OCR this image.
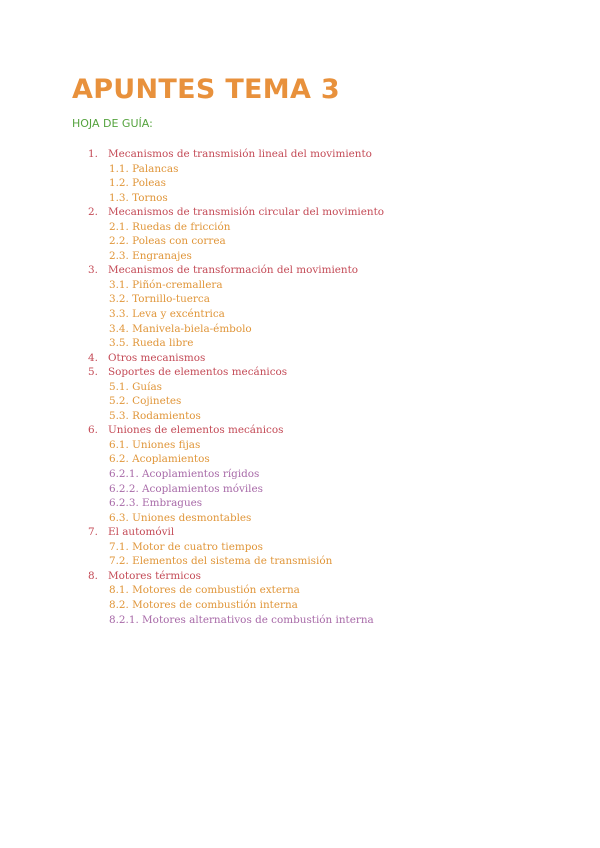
APUNTES TEMA 3

HOJA DE GUÍA:

1. Mecanismos de transmisión lineal del movimiento
1.1. Palancas
1.2. Poleas
1.3. Tornos
2. Mecanismos de transmisión circular del movimiento
2.1. Ruedas de fricción
2.2. Poleas con correa
2.3. Engranajes
3. Mecanismos de transformación del movimiento
3.1. Piñón-cremallera
3.2. Tornillo-tuerca
3.3. Leva y excéntrica
3.4. Manivela-biela-émbolo
3.5. Rueda libre
4. Otros mecanismos
5. Soportes de elementos mecánicos
5.1. Guías
5.2. Cojinetes
5.3. Rodamientos
6. Uniones de elementos mecánicos
6.1. Uniones fijas
6.2. Acoplamientos
6.2.1. Acoplamientos rígidos
6.2.2. Acoplamientos móviles
6.2.3. Embragues
6.3. Uniones desmontables
7. El automóvil
7.1. Motor de cuatro tiempos
7.2. Elementos del sistema de transmisión
8. Motores térmicos
8.1. Motores de combustión externa
8.2. Motores de combustión interna
8.2.1. Motores alternativos de combustión interna
